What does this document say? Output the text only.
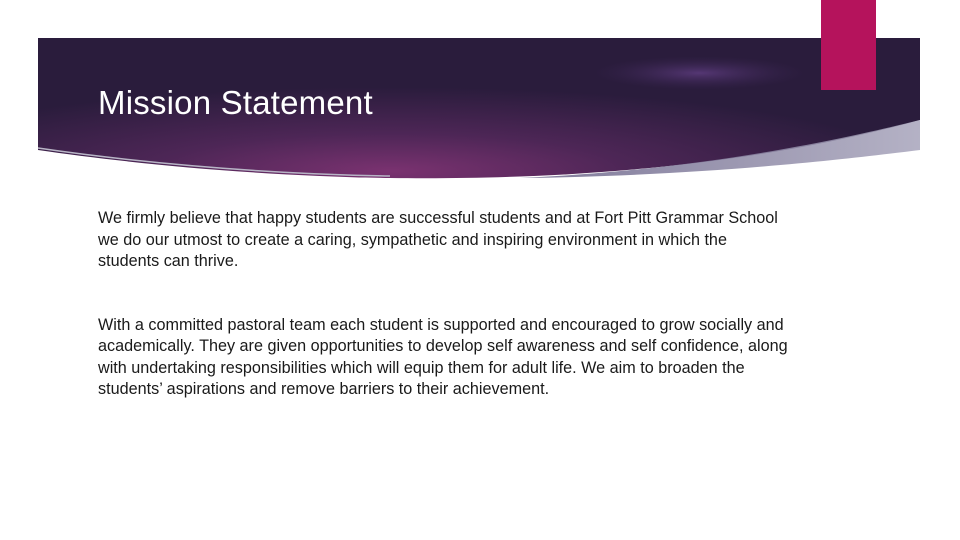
Mission Statement

We firmly believe that happy students are successful students and at Fort Pitt Grammar School we do our utmost to create a caring, sympathetic and inspiring environment in which the students can thrive.

With a committed pastoral team each student is supported and encouraged to grow socially and academically. They are given opportunities to develop self awareness and self confidence, along with undertaking responsibilities which will equip them for adult life. We aim to broaden the students’ aspirations and remove barriers to their achievement.
